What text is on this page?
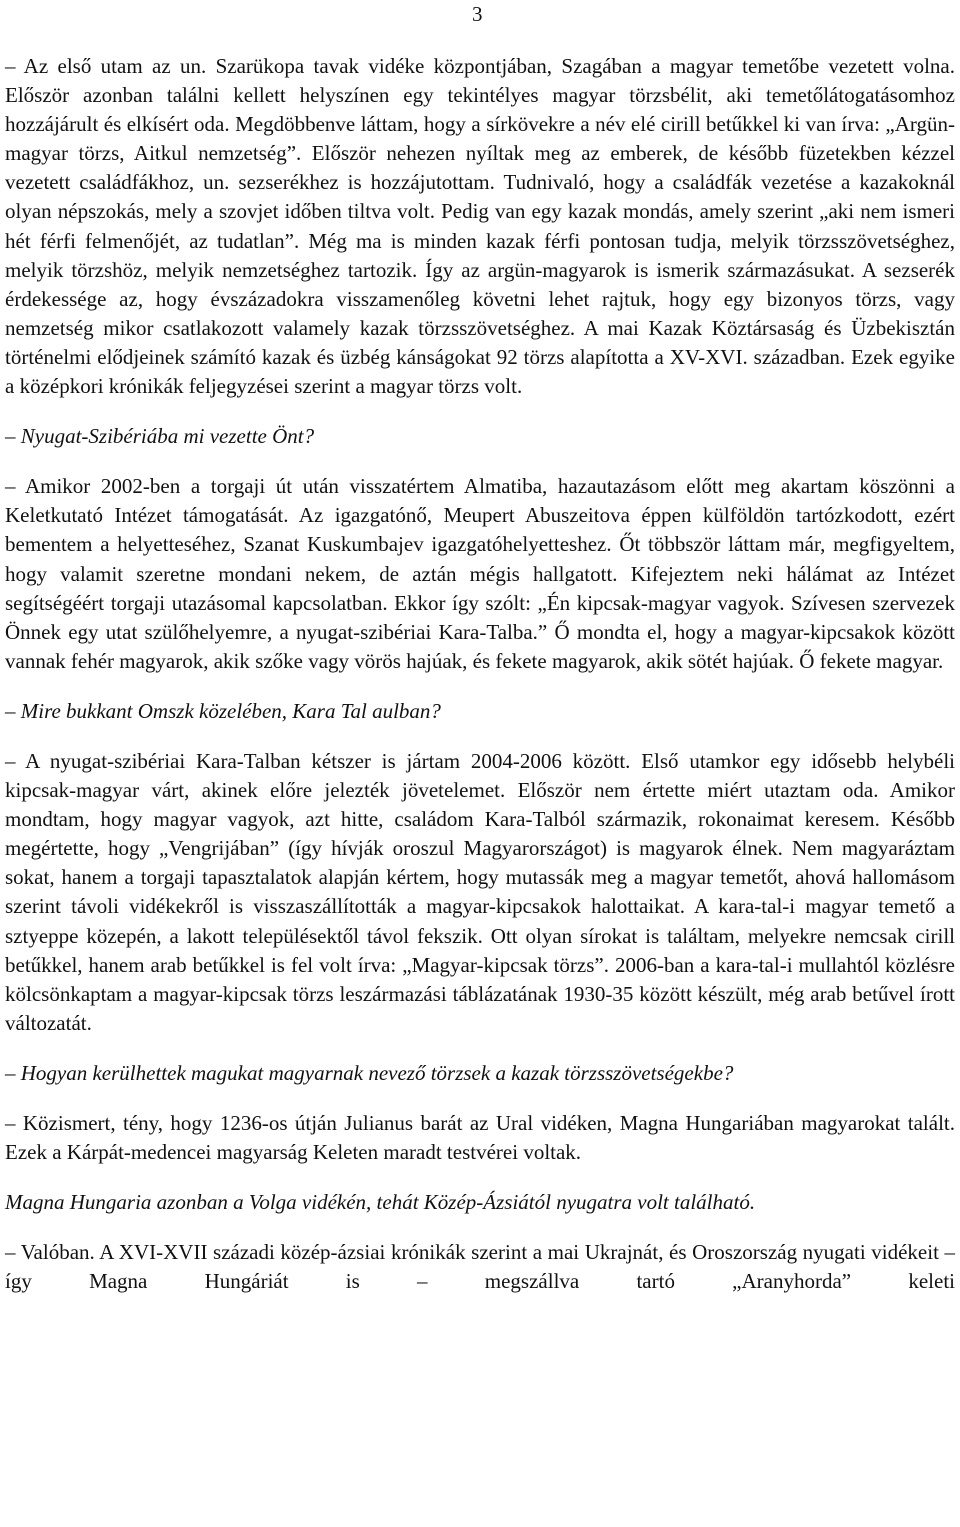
3

– Az első utam az un. Szarükopa tavak vidéke központjában, Szagában a magyar temetőbe vezetett volna. Először azonban találni kellett helyszínen egy tekintélyes magyar törzsbélit, aki temetőlátogatásomhoz hozzájárult és elkísért oda. Megdöbbenve láttam, hogy a sírkövekre a név elé cirill betűkkel ki van írva: „Argün-magyar törzs, Aitkul nemzetség”. Először nehezen nyíltak meg az emberek, de később füzetekben kézzel vezetett családfákhoz, un. sezserékhez is hozzájutottam. Tudnivaló, hogy a családfák vezetése a kazakoknál olyan népszokás, mely a szovjet időben tiltva volt. Pedig van egy kazak mondás, amely szerint „aki nem ismeri hét férfi felmenőjét, az tudatlan”. Még ma is minden kazak férfi pontosan tudja, melyik törzsszövetséghez, melyik törzshöz, melyik nemzetséghez tartozik. Így az argün-magyarok is ismerik származásukat. A sezserék érdekessége az, hogy évszázadokra visszamenőleg követni lehet rajtuk, hogy egy bizonyos törzs, vagy nemzetség mikor csatlakozott valamely kazak törzsszövetséghez. A mai Kazak Köztársaság és Üzbekisztán történelmi elődjeinek számító kazak és üzbég kánságokat 92 törzs alapította a XV-XVI. században. Ezek egyike a középkori krónikák feljegyzései szerint a magyar törzs volt.

– Nyugat-Szibériába mi vezette Önt?

– Amikor 2002-ben a torgaji út után visszatértem Almatiba, hazautazásom előtt meg akartam köszönni a Keletkutató Intézet támogatását. Az igazgatónő, Meupert Abuszeitova éppen külföldön tartózkodott, ezért bementem a helyetteséhez, Szanat Kuskumbajev igazgatóhelyetteshez. Őt többször láttam már, megfigyeltem, hogy valamit szeretne mondani nekem, de aztán mégis hallgatott. Kifejeztem neki hálámat az Intézet segítségéért torgaji utazásomal kapcsolatban. Ekkor így szólt: „Én kipcsak-magyar vagyok. Szívesen szervezek Önnek egy utat szülőhelyemre, a nyugat-szibériai Kara-Talba.” Ő mondta el, hogy a magyar-kipcsakok között vannak fehér magyarok, akik szőke vagy vörös hajúak, és fekete magyarok, akik sötét hajúak. Ő fekete magyar.

– Mire bukkant Omszk közelében, Kara Tal aulban?

– A nyugat-szibériai Kara-Talban kétszer is jártam 2004-2006 között. Első utamkor egy idősebb helybéli kipcsak-magyar várt, akinek előre jelezték jövetelemet. Először nem értette miért utaztam oda. Amikor mondtam, hogy magyar vagyok, azt hitte, családom Kara-Talból származik, rokonaimat keresem. Később megértette, hogy „Vengrijában” (így hívják oroszul Magyarországot) is magyarok élnek. Nem magyaráztam sokat, hanem a torgaji tapasztalatok alapján kértem, hogy mutassák meg a magyar temetőt, ahová hallomásom szerint távoli vidékekről is visszaszállították a magyar-kipcsakok halottaikat. A kara-tal-i magyar temető a sztyeppe közepén, a lakott településektől távol fekszik. Ott olyan sírokat is találtam, melyekre nemcsak cirill betűkkel, hanem arab betűkkel is fel volt írva: „Magyar-kipcsak törzs”. 2006-ban a kara-tal-i mullahtól közlésre kölcsönkaptam a magyar-kipcsak törzs leszármazási táblázatának 1930-35 között készült, még arab betűvel írott változatát.

– Hogyan kerülhettek magukat magyarnak nevező törzsek a kazak törzsszövetségekbe?

– Közismert, tény, hogy 1236-os útján Julianus barát az Ural vidéken, Magna Hungariában magyarokat talált. Ezek a Kárpát-medencei magyarság Keleten maradt testvérei voltak.

Magna Hungaria azonban a Volga vidékén, tehát Közép-Ázsiától nyugatra volt található.

– Valóban. A XVI-XVII századi közép-ázsiai krónikák szerint a mai Ukrajnát, és Oroszország nyugati vidékeit – így Magna Hungáriát is – megszállva tartó „Aranyhorda” keleti
